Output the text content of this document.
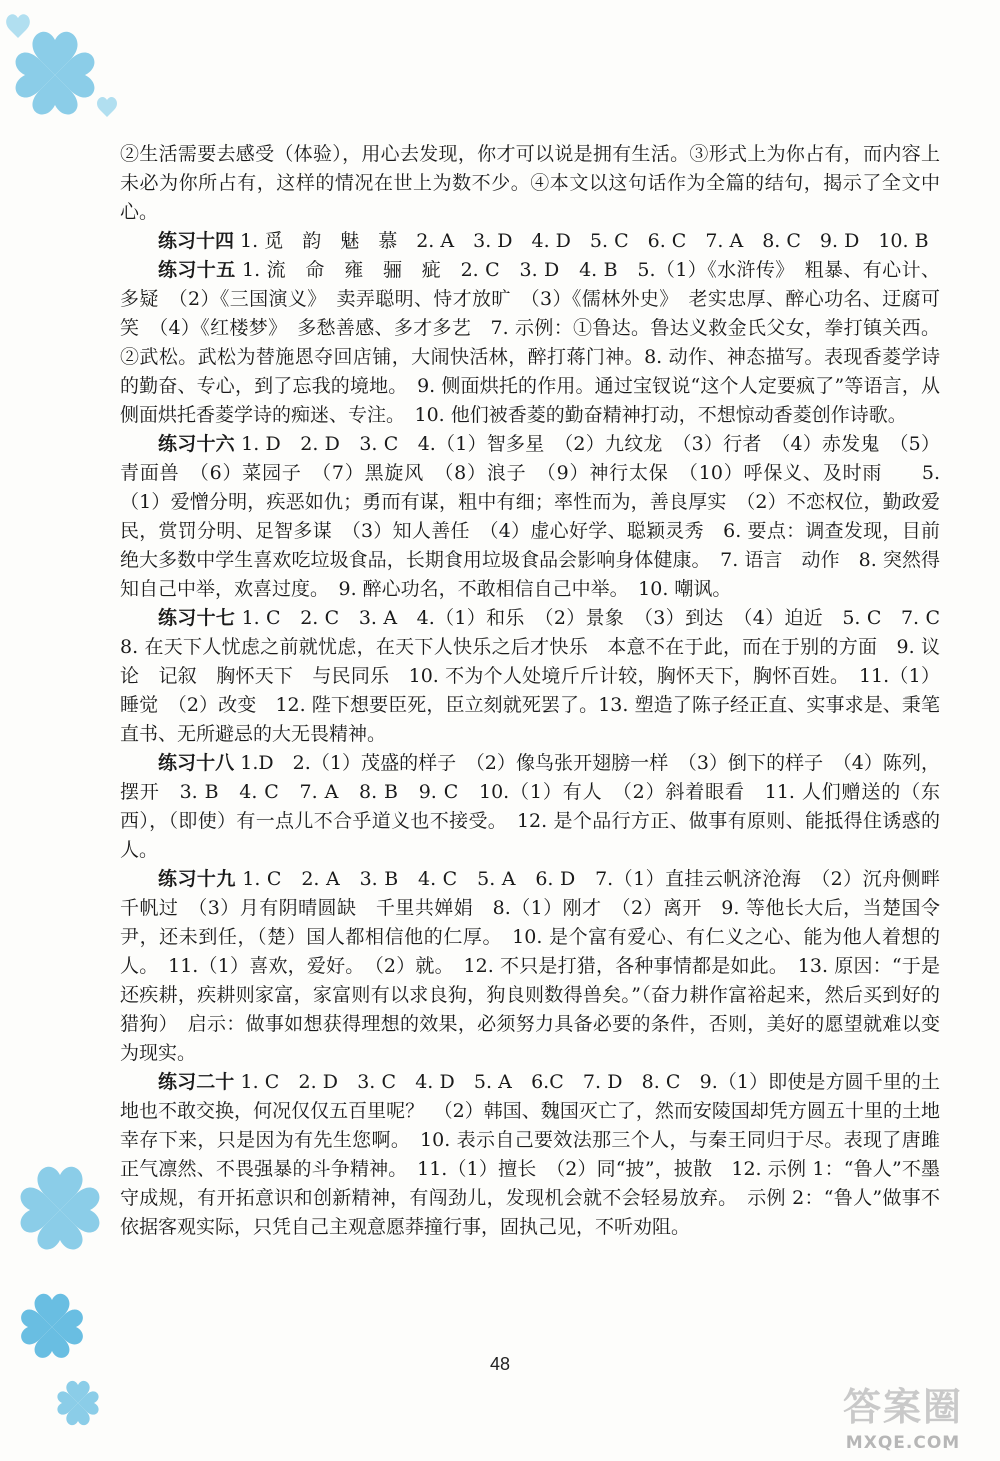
②生活需要去感受（体验），用心去发现，你才可以说是拥有生活。③形式上为你占有，而内容上未必为你所占有，这样的情况在世上为数不少。④本文以这句话作为全篇的结句，揭示了全文中心。

练习十四 1. 觅　韵　魅　慕　2. A　3. D　4. D　5. C　6. C　7. A　8. C　9. D　10. B

练习十五 1. 流　命　雍　骊　疵　2. C　3. D　4. B　5.（1）《水浒传》　粗暴、有心计、多疑　（2）《三国演义》　卖弄聪明、恃才放旷　（3）《儒林外史》　老实忠厚、醉心功名、迂腐可笑　（4）《红楼梦》　多愁善感、多才多艺　7. 示例：①鲁达。鲁达义救金氏父女，拳打镇关西。②武松。武松为替施恩夺回店铺，大闹快活林，醉打蒋门神。8. 动作、神态描写。表现香菱学诗的勤奋、专心，到了忘我的境地。　9. 侧面烘托的作用。通过宝钗说“这个人定要疯了”等语言，从侧面烘托香菱学诗的痴迷、专注。　10. 他们被香菱的勤奋精神打动，不想惊动香菱创作诗歌。

练习十六 1. D　2. D　3. C　4.（1）智多星　（2）九纹龙　（3）行者　（4）赤发鬼　（5）青面兽　（6）菜园子　（7）黑旋风　（8）浪子　（9）神行太保　（10）呼保义、及时雨　　5.（1）爱憎分明，疾恶如仇；勇而有谋，粗中有细；率性而为，善良厚实　（2）不恋权位，勤政爱民，赏罚分明、足智多谋　（3）知人善任　（4）虚心好学、聪颖灵秀　6. 要点：调查发现，目前绝大多数中学生喜欢吃垃圾食品，长期食用垃圾食品会影响身体健康。　7. 语言　动作　8. 突然得知自己中举，欢喜过度。　9. 醉心功名，不敢相信自己中举。　10. 嘲讽。

练习十七 1. C　2. C　3. A　4.（1）和乐　（2）景象　（3）到达　（4）迫近　5. C　7. C　8. 在天下人忧虑之前就忧虑，在天下人快乐之后才快乐　本意不在于此，而在于别的方面　9. 议论　记叙　胸怀天下　与民同乐　10. 不为个人处境斤斤计较，胸怀天下，胸怀百姓。　11.（1）睡觉　（2）改变　12. 陛下想要臣死，臣立刻就死罢了。13. 塑造了陈子经正直、实事求是、秉笔直书、无所避忌的大无畏精神。

练习十八 1.D　2.（1）茂盛的样子　（2）像鸟张开翅膀一样　（3）倒下的样子　（4）陈列，摆开　3. B　4. C　7. A　8. B　9. C　10.（1）有人　（2）斜着眼看　11. 人们赠送的（东西），（即使）有一点儿不合乎道义也不接受。　12. 是个品行方正、做事有原则、能抵得住诱惑的人。

练习十九 1. C　2. A　3. B　4. C　5. A　6. D　7.（1）直挂云帆济沧海　（2）沉舟侧畔千帆过　（3）月有阴晴圆缺　千里共婵娟　8.（1）刚才　（2）离开　9. 等他长大后，当楚国令尹，还未到任，（楚）国人都相信他的仁厚。　10. 是个富有爱心、有仁义之心、能为他人着想的人。　11.（1）喜欢，爱好。　（2）就。　12. 不只是打猎，各种事情都是如此。　13. 原因：“于是还疾耕，疾耕则家富，家富则有以求良狗，狗良则数得兽矣。”（奋力耕作富裕起来，然后买到好的猎狗）　启示：做事如想获得理想的效果，必须努力具备必要的条件，否则，美好的愿望就难以变为现实。

练习二十 1. C　2. D　3. C　4. D　5. A　6.C　7. D　8. C　9.（1）即使是方圆千里的土地也不敢交换，何况仅仅五百里呢？　（2）韩国、魏国灭亡了，然而安陵国却凭方圆五十里的土地幸存下来，只是因为有先生您啊。　10. 表示自己要效法那三个人，与秦王同归于尽。表现了唐雎正气凛然、不畏强暴的斗争精神。　11.（1）擅长　（2）同“披”，披散　12. 示例 1：“鲁人”不墨守成规，有开拓意识和创新精神，有闯劲儿，发现机会就不会轻易放弃。　示例 2：“鲁人”做事不依据客观实际，只凭自己主观意愿莽撞行事，固执己见，不听劝阻。

48
答案圈
MXQE.COM
